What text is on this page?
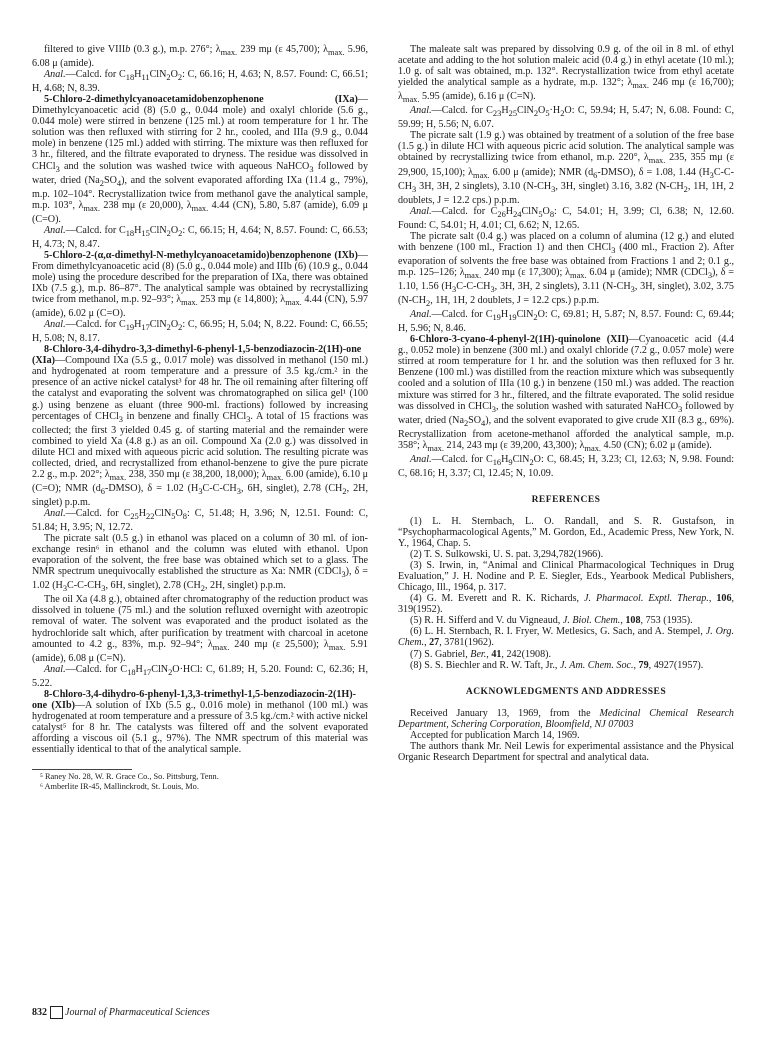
filtered to give VIIIb (0.3 g.), m.p. 276°; $\lambda_{max.}$ 239 mμ (ε 45,700); $\lambda_{max.}$ 5.96, 6.08 μ (amide).

Anal.—Calcd. for $C_{18}H_{11}ClN_2O_2$: C, 66.16; H, 4.63; N, 8.57. Found: C, 66.51; H, 4.68; N, 8.39.

5-Chloro-2-dimethylcyanoacetamidobenzophenone (IXa)—Dimethylcyanoacetic acid (8) (5.0 g., 0.044 mole) and oxalyl chloride (5.6 g., 0.044 mole) were stirred in benzene (125 ml.) at room temperature for 1 hr. The solution was then refluxed with stirring for 2 hr., cooled, and IIIa (9.9 g., 0.044 mole) in benzene (125 ml.) added with stirring. The mixture was then refluxed for 3 hr., filtered, and the filtrate evaporated to dryness. The residue was dissolved in CHCl$_3$ and the solution was washed twice with aqueous NaHCO$_3$ followed by water, dried $(Na_2SO_4)$, and the solvent evaporated affording IXa (11.4 g., 79%), m.p. 102–104°. Recrystallization twice from methanol gave the analytical sample, m.p. 103°, $\lambda_{max.}$ 238 mμ (ε 20,000), $\lambda_{max.}$ 4.44 (CN), 5.80, 5.87 (amide), 6.09 μ (C=O).

Anal.—Calcd. for $C_{18}H_{15}ClN_2O_2$: C, 66.15; H, 4.64; N, 8.57. Found: C, 66.53; H, 4.73; N, 8.47.

5-Chloro-2-(α,α-dimethyl-N-methylcyanoacetamido)benzophenone (IXb)—From dimethylcyanoacetic acid (8) (5.0 g., 0.044 mole) and IIIb (6) (10.9 g., 0.044 mole) using the procedure described for the preparation of IXa, there was obtained IXb (7.5 g.), m.p. 86–87°. The analytical sample was obtained by recrystallizing twice from methanol, m.p. 92–93°; $\lambda_{max.}$ 253 mμ (ε 14,800); $\lambda_{max.}$ 4.44 (CN), 5.97 (amide), 6.02 μ (C=O).

Anal.—Calcd. for $C_{19}H_{17}ClN_2O_2$: C, 66.95; H, 5.04; N, 8.22. Found: C, 66.55; H, 5.08; N, 8.17.

8-Chloro-3,4-dihydro-3,3-dimethyl-6-phenyl-1,5-benzodiazocin-2(1H)-one (XIa)—Compound IXa (5.5 g., 0.017 mole) was dissolved in methanol (150 ml.) and hydrogenated at room temperature and a pressure of 3.5 kg./cm.² in the presence of an active nickel catalyst³ for 48 hr. The oil remaining after filtering off the catalyst and evaporating the solvent was chromatographed on silica gel¹ (100 g.) using benzene as eluant (three 900-ml. fractions) followed by increasing percentages of CHCl$_3$ in benzene and finally CHCl$_3$. A total of 15 fractions was collected; the first 3 yielded 0.45 g. of starting material and the remainder were combined to yield Xa (4.8 g.) as an oil. Compound Xa (2.0 g.) was dissolved in dilute HCl and mixed with aqueous picric acid solution. The resulting picrate was collected, dried, and recrystallized from ethanol-benzene to give the pure picrate 2.2 g., m.p. 202°; $\lambda_{max.}$ 238, 350 mμ (ε 38,200, 18,000); $\lambda_{max.}$ 6.00 (amide), 6.10 μ (C=O); NMR $(d_6-DMSO)$, δ = 1.02 ($H_3C-C-CH_3$, 6H, singlet), 2.78 ($CH_2$, 2H, singlet) p.p.m.

Anal.—Calcd. for $C_{25}H_{22}ClN_5O_8$: C, 51.48; H, 3.96; N, 12.51. Found: C, 51.84; H, 3.95; N, 12.72.

The picrate salt (0.5 g.) in ethanol was placed on a column of 30 ml. of ion-exchange resin⁶ in ethanol and the column was eluted with ethanol. Upon evaporation of the solvent, the free base was obtained which set to a glass. The NMR spectrum unequivocally established the structure as Xa: NMR (CDCl$_3$), δ = 1.02 ($H_3C-C-CH_3$, 6H, singlet), 2.78 ($CH_2$, 2H, singlet) p.p.m.

The oil Xa (4.8 g.), obtained after chromatography of the reduction product was dissolved in toluene (75 ml.) and the solution refluxed overnight with azeotropic removal of water. The solvent was evaporated and the product isolated as the hydrochloride salt which, after purification by treatment with charcoal in acetone amounted to 4.2 g., 83%, m.p. 92–94°; $\lambda_{max.}$ 240 mμ (ε 25,500); $\lambda_{max.}$ 5.91 (amide), 6.08 μ (C=N).

Anal.—Calcd. for $C_{18}H_{17}ClN_2O\cdot HCl$: C, 61.89; H, 5.20. Found: C, 62.36; H, 5.22.

8-Chloro-3,4-dihydro-6-phenyl-1,3,3-trimethyl-1,5-benzodiazocin-2(1H)-one (XIb)—A solution of IXb (5.5 g., 0.016 mole) in methanol (100 ml.) was hydrogenated at room temperature and a pressure of 3.5 kg./cm.² with active nickel catalyst⁵ for 8 hr. The catalysts was filtered off and the solvent evaporated affording a viscous oil (5.1 g., 97%). The NMR spectrum of this material was essentially identical to that of the analytical sample.

⁵ Raney No. 28, W. R. Grace Co., So. Pittsburg, Tenn.

⁶ Amberlite IR-45, Mallinckrodt, St. Louis, Mo.

The maleate salt was prepared by dissolving 0.9 g. of the oil in 8 ml. of ethyl acetate and adding to the hot solution maleic acid (0.4 g.) in ethyl acetate (10 ml.); 1.0 g. of salt was obtained, m.p. 132°. Recrystallization twice from ethyl acetate yielded the analytical sample as a hydrate, m.p. 132°; $\lambda_{max.}$ 246 mμ (ε 16,700); $\lambda_{max.}$ 5.95 (amide), 6.16 μ (C=N).

Anal.—Calcd. for $C_{23}H_{25}ClN_2O_5\cdot H_2O$: C, 59.94; H, 5.47; N, 6.08. Found: C, 59.99; H, 5.56; N, 6.07.

The picrate salt (1.9 g.) was obtained by treatment of a solution of the free base (1.5 g.) in dilute HCl with aqueous picric acid solution. The analytical sample was obtained by recrystallizing twice from ethanol, m.p. 220°, $\lambda_{max.}$ 235, 355 mμ (ε 29,900, 15,100); $\lambda_{max.}$ 6.00 μ (amide); NMR $(d_6-DMSO)$, δ = 1.08, 1.44 ($H_3C-C-CH_3$ 3H, 3H, 2 singlets), 3.10 ($N-CH_3$, 3H, singlet) 3.16, 3.82 ($N-CH_2$, 1H, 1H, 2 doublets, J = 12.2 cps.) p.p.m.

Anal.—Calcd. for $C_{26}H_{24}ClN_5O_8$: C, 54.01; H, 3.99; Cl, 6.38; N, 12.60. Found: C, 54.01; H, 4.01; Cl, 6.62; N, 12.65.

The picrate salt (0.4 g.) was placed on a column of alumina (12 g.) and eluted with benzene (100 ml., Fraction 1) and then CHCl$_3$ (400 ml., Fraction 2). After evaporation of solvents the free base was obtained from Fractions 1 and 2; 0.1 g., m.p. 125–126; $\lambda_{max.}$ 240 mμ (ε 17,300); $\lambda_{max.}$ 6.04 μ (amide); NMR (CDCl$_3$), δ = 1.10, 1.56 ($H_3C-C-CH_3$, 3H, 3H, 2 singlets), 3.11 ($N-CH_3$, 3H, singlet), 3.02, 3.75 ($N-CH_2$, 1H, 1H, 2 doublets, J = 12.2 cps.) p.p.m.

Anal.—Calcd. for $C_{19}H_{19}ClN_2O$: C, 69.81; H, 5.87; N, 8.57. Found: C, 69.44; H, 5.96; N, 8.46.

6-Chloro-3-cyano-4-phenyl-2(1H)-quinolone (XII)—Cyanoacetic acid (4.4 g., 0.052 mole) in benzene (300 ml.) and oxalyl chloride (7.2 g., 0.057 mole) were stirred at room temperature for 1 hr. and the solution was then refluxed for 3 hr. Benzene (100 ml.) was distilled from the reaction mixture which was subsequently cooled and a solution of IIIa (10 g.) in benzene (150 ml.) was added. The reaction mixture was stirred for 3 hr., filtered, and the filtrate evaporated. The solid residue was dissolved in CHCl$_3$, the solution washed with saturated NaHCO$_3$ followed by water, dried $(Na_2SO_4)$, and the solvent evaporated to give crude XII (8.3 g., 69%). Recrystallization from acetone-methanol afforded the analytical sample, m.p. 358°; $\lambda_{max.}$ 214, 243 mμ (ε 39,200, 43,300); $\lambda_{max.}$ 4.50 (CN); 6.02 μ (amide).

Anal.—Calcd. for $C_{16}H_9ClN_2O$: C, 68.45; H, 3.23; Cl, 12.63; N, 9.98. Found: C, 68.16; H, 3.37; Cl, 12.45; N, 10.09.

REFERENCES

(1) L. H. Sternbach, L. O. Randall, and S. R. Gustafson, in “Psychopharmacological Agents,” M. Gordon, Ed., Academic Press, New York, N. Y., 1964, Chap. 5.

(2) T. S. Sulkowski, U. S. pat. 3,294,782(1966).

(3) S. Irwin, in, “Animal and Clinical Pharmacological Techniques in Drug Evaluation,” J. H. Nodine and P. E. Siegler, Eds., Yearbook Medical Publishers, Chicago, Ill., 1964, p. 317.

(4) G. M. Everett and R. K. Richards, J. Pharmacol. Exptl. Therap., 106, 319(1952).

(5) R. H. Sifferd and V. du Vigneaud, J. Biol. Chem., 108, 753 (1935).

(6) L. H. Sternbach, R. I. Fryer, W. Metlesics, G. Sach, and A. Stempel, J. Org. Chem., 27, 3781(1962).

(7) S. Gabriel, Ber., 41, 242(1908).

(8) S. S. Biechler and R. W. Taft, Jr., J. Am. Chem. Soc., 79, 4927(1957).

ACKNOWLEDGMENTS AND ADDRESSES

Received January 13, 1969, from the Medicinal Chemical Research Department, Schering Corporation, Bloomfield, NJ 07003

Accepted for publication March 14, 1969.

The authors thank Mr. Neil Lewis for experimental assistance and the Physical Organic Research Department for spectral and analytical data.

832 Journal of Pharmaceutical Sciences
